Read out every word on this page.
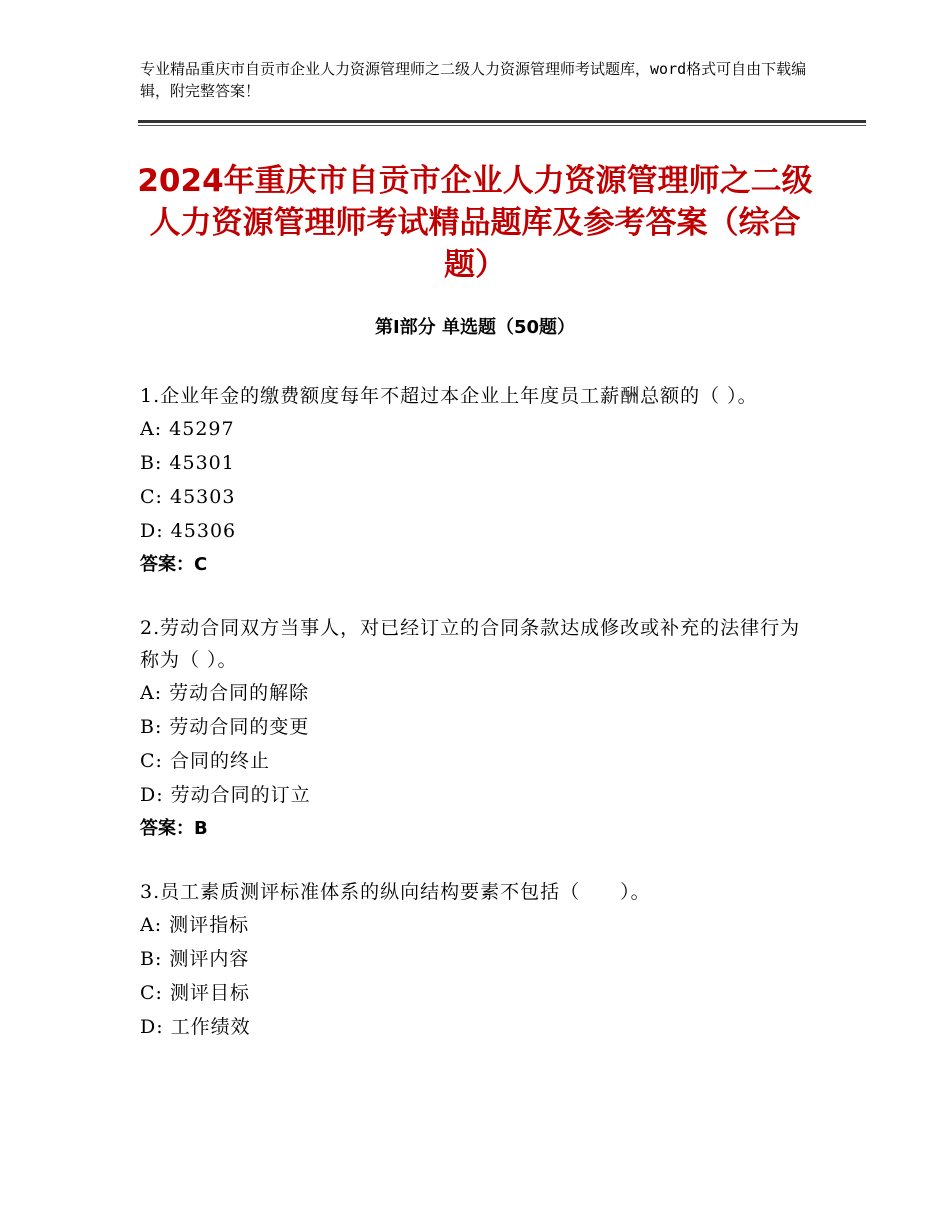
专业精品重庆市自贡市企业人力资源管理师之二级人力资源管理师考试题库，word格式可自由下载编辑，附完整答案！
2024年重庆市自贡市企业人力资源管理师之二级人力资源管理师考试精品题库及参考答案（综合题）
第Ⅰ部分 单选题（50题）
1.企业年金的缴费额度每年不超过本企业上年度员工薪酬总额的（ ）。
A: 45297
B: 45301
C: 45303
D: 45306
答案：C
2.劳动合同双方当事人，对已经订立的合同条款达成修改或补充的法律行为称为（ ）。
A: 劳动合同的解除
B: 劳动合同的变更
C: 合同的终止
D: 劳动合同的订立
答案：B
3.员工素质测评标准体系的纵向结构要素不包括（　　）。
A: 测评指标
B: 测评内容
C: 测评目标
D: 工作绩效
